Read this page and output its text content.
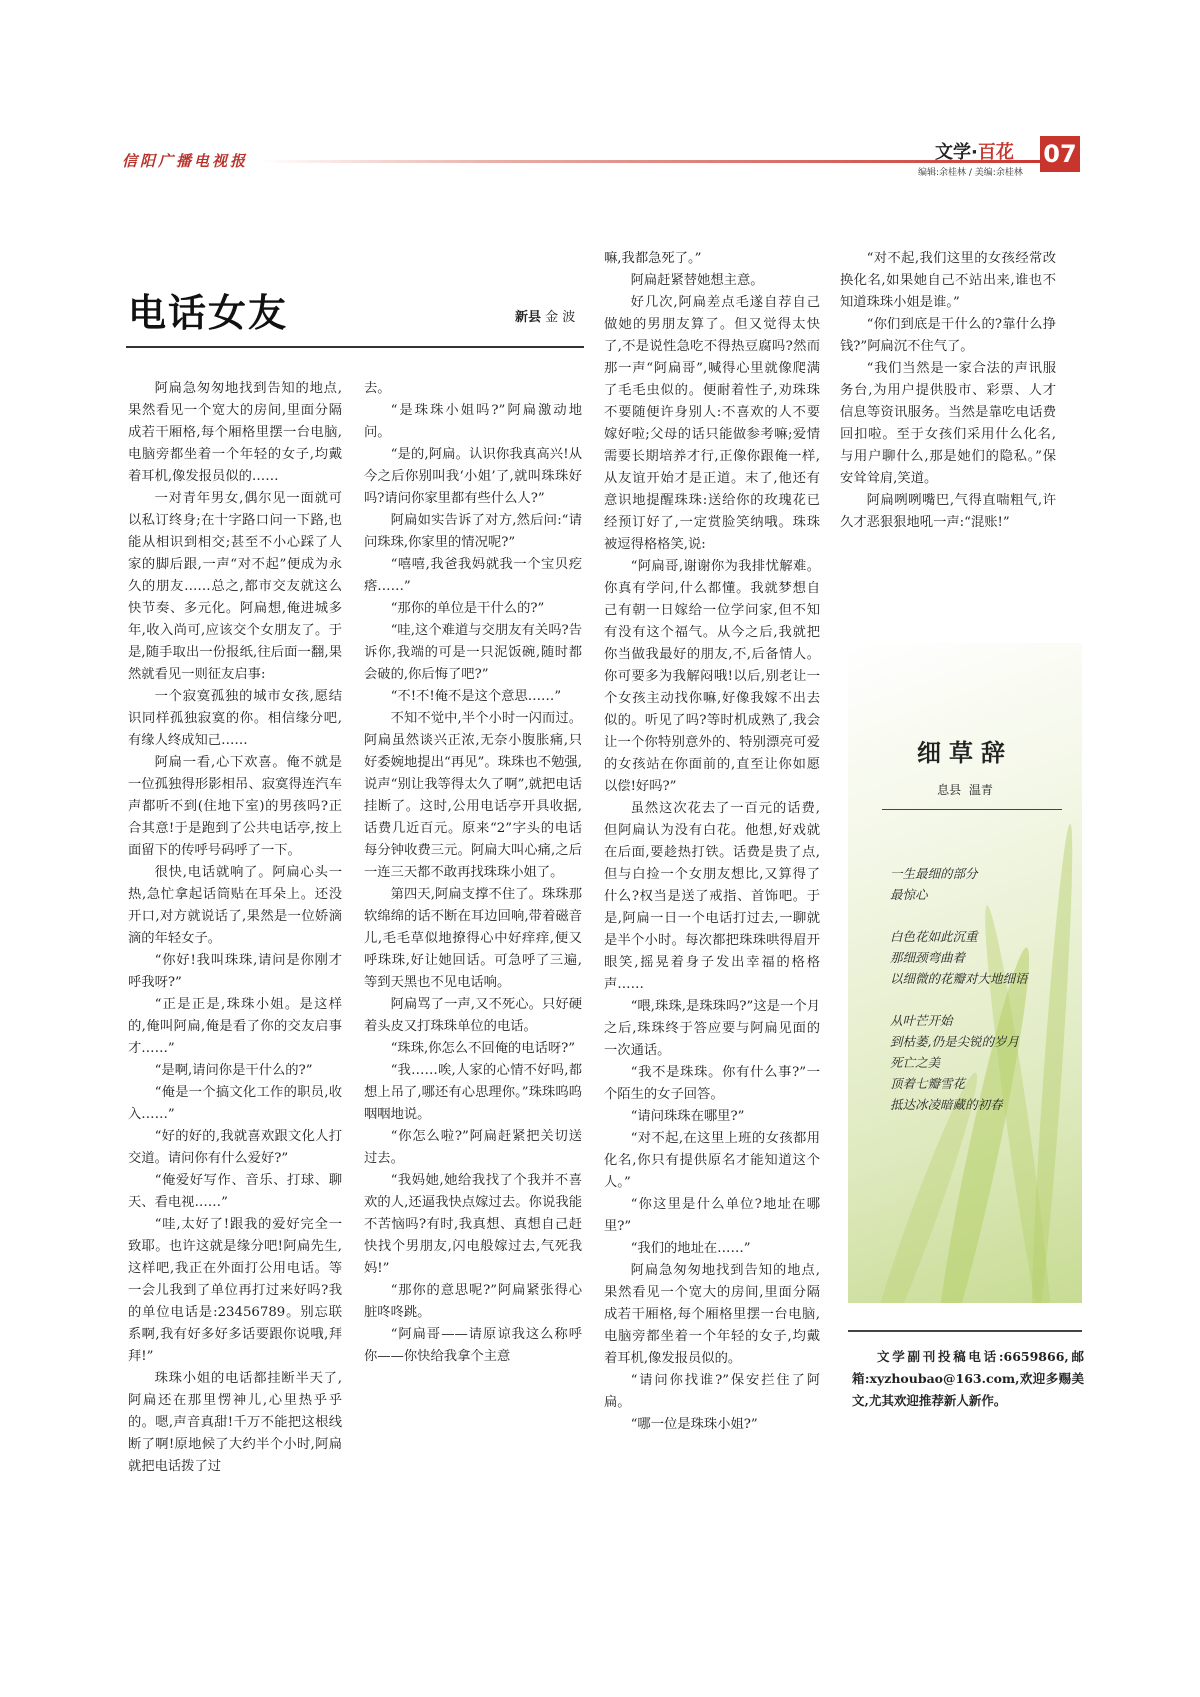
信阳广播电视报	文学·百花
编辑:余桂林 / 美编:余桂林
07
电话女友	新县 金 波

阿扁急匆匆地找到告知的地点,果然看见一个宽大的房间,里面分隔成若干厢格,每个厢格里摆一台电脑,电脑旁都坐着一个年轻的女子,均戴着耳机,像发报员似的……

一对青年男女,偶尔见一面就可以私订终身;在十字路口问一下路,也能从相识到相交;甚至不小心踩了人家的脚后跟,一声“对不起”便成为永久的朋友……总之,都市交友就这么快节奏、多元化。阿扁想,俺进城多年,收入尚可,应该交个女朋友了。于是,随手取出一份报纸,往后面一翻,果然就看见一则征友启事:

一个寂寞孤独的城市女孩,愿结识同样孤独寂寞的你。相信缘分吧,有缘人终成知己……

阿扁一看,心下欢喜。俺不就是一位孤独得形影相吊、寂寞得连汽车声都听不到(住地下室)的男孩吗?正合其意!于是跑到了公共电话亭,按上面留下的传呼号码呼了一下。

很快,电话就响了。阿扁心头一热,急忙拿起话筒贴在耳朵上。还没开口,对方就说话了,果然是一位娇滴滴的年轻女子。

“你好!我叫珠珠,请问是你刚才呼我呀?”

“正是正是,珠珠小姐。是这样的,俺叫阿扁,俺是看了你的交友启事才……”

“是啊,请问你是干什么的?”

“俺是一个搞文化工作的职员,收入……”

“好的好的,我就喜欢跟文化人打交道。请问你有什么爱好?”

“俺爱好写作、音乐、打球、聊天、看电视……”

“哇,太好了!跟我的爱好完全一致耶。也许这就是缘分吧!阿扁先生,这样吧,我正在外面打公用电话。等一会儿我到了单位再打过来好吗?我的单位电话是:23456789。别忘联系啊,我有好多好多话要跟你说哦,拜拜!”

珠珠小姐的电话都挂断半天了,阿扁还在那里愣神儿,心里热乎乎的。嗯,声音真甜!千万不能把这根线断了啊!原地候了大约半个小时,阿扁就把电话拨了过

去。

“是珠珠小姐吗?”阿扁激动地问。

“是的,阿扁。认识你我真高兴!从今之后你别叫我‘小姐’了,就叫珠珠好吗?请问你家里都有些什么人?”

阿扁如实告诉了对方,然后问:“请问珠珠,你家里的情况呢?”

“嘻嘻,我爸我妈就我一个宝贝疙瘩……”

“那你的单位是干什么的?”

“哇,这个难道与交朋友有关吗?告诉你,我端的可是一只泥饭碗,随时都会破的,你后悔了吧?”

“不!不!俺不是这个意思……”

不知不觉中,半个小时一闪而过。阿扁虽然谈兴正浓,无奈小腹胀痛,只好委婉地提出“再见”。珠珠也不勉强,说声“别让我等得太久了啊”,就把电话挂断了。这时,公用电话亭开具收据,话费几近百元。原来“2”字头的电话每分钟收费三元。阿扁大叫心痛,之后一连三天都不敢再找珠珠小姐了。

第四天,阿扁支撑不住了。珠珠那软绵绵的话不断在耳边回响,带着磁音儿,毛毛草似地撩得心中好痒痒,便又呼珠珠,好让她回话。可急呼了三遍,等到天黑也不见电话响。

阿扁骂了一声,又不死心。只好硬着头皮又打珠珠单位的电话。

“珠珠,你怎么不回俺的电话呀?”

“我……唉,人家的心情不好吗,都想上吊了,哪还有心思理你。”珠珠呜呜咽咽地说。

“你怎么啦?”阿扁赶紧把关切送过去。

“我妈她,她给我找了个我并不喜欢的人,还逼我快点嫁过去。你说我能不苦恼吗?有时,我真想、真想自己赶快找个男朋友,闪电般嫁过去,气死我妈!”

“那你的意思呢?”阿扁紧张得心脏咚咚跳。

“阿扁哥——请原谅我这么称呼你——你快给我拿个主意

嘛,我都急死了。”

阿扁赶紧替她想主意。

好几次,阿扁差点毛遂自荐自己做她的男朋友算了。但又觉得太快了,不是说性急吃不得热豆腐吗?然而那一声“阿扁哥”,喊得心里就像爬满了毛毛虫似的。便耐着性子,劝珠珠不要随便许身别人:不喜欢的人不要嫁好啦;父母的话只能做参考嘛;爱情需要长期培养才行,正像你跟俺一样,从友谊开始才是正道。末了,他还有意识地提醒珠珠:送给你的玫瑰花已经预订好了,一定赏脸笑纳哦。珠珠被逗得格格笑,说:

“阿扁哥,谢谢你为我排忧解难。你真有学问,什么都懂。我就梦想自己有朝一日嫁给一位学问家,但不知有没有这个福气。从今之后,我就把你当做我最好的朋友,不,后备情人。你可要多为我解闷哦!以后,别老让一个女孩主动找你嘛,好像我嫁不出去似的。听见了吗?等时机成熟了,我会让一个你特别意外的、特别漂亮可爱的女孩站在你面前的,直至让你如愿以偿!好吗?”

虽然这次花去了一百元的话费,但阿扁认为没有白花。他想,好戏就在后面,要趁热打铁。话费是贵了点,但与白捡一个女朋友想比,又算得了什么?权当是送了戒指、首饰吧。于是,阿扁一日一个电话打过去,一聊就是半个小时。每次都把珠珠哄得眉开眼笑,摇晃着身子发出幸福的格格声……

“喂,珠珠,是珠珠吗?”这是一个月之后,珠珠终于答应要与阿扁见面的一次通话。

“我不是珠珠。你有什么事?”一个陌生的女子回答。

“请问珠珠在哪里?”

“对不起,在这里上班的女孩都用化名,你只有提供原名才能知道这个人。”

“你这里是什么单位?地址在哪里?”

“我们的地址在……”

阿扁急匆匆地找到告知的地点,果然看见一个宽大的房间,里面分隔成若干厢格,每个厢格里摆一台电脑,电脑旁都坐着一个年轻的女子,均戴着耳机,像发报员似的。

“请问你找谁?”保安拦住了阿扁。

“哪一位是珠珠小姐?”

“对不起,我们这里的女孩经常改换化名,如果她自己不站出来,谁也不知道珠珠小姐是谁。”

“你们到底是干什么的?靠什么挣钱?”阿扁沉不住气了。

“我们当然是一家合法的声讯服务台,为用户提供股市、彩票、人才信息等资讯服务。当然是靠吃电话费回扣啦。至于女孩们采用什么化名,与用户聊什么,那是她们的隐私。”保安耸耸肩,笑道。

阿扁咧咧嘴巴,气得直喘粗气,许久才恶狠狠地吼一声:“混账!”

细草辞
息县 温青
一生最细的部分
最惊心
白色花如此沉重
那细颈弯曲着
以细微的花瓣对大地细语
从叶芒开始
到枯萎,仍是尖锐的岁月
死亡之美
顶着七瓣雪花
抵达冰凌暗藏的初春
文学副刊投稿电话:6659866,邮箱:xyzhoubao@163.com,欢迎多赐美文,尤其欢迎推荐新人新作。
